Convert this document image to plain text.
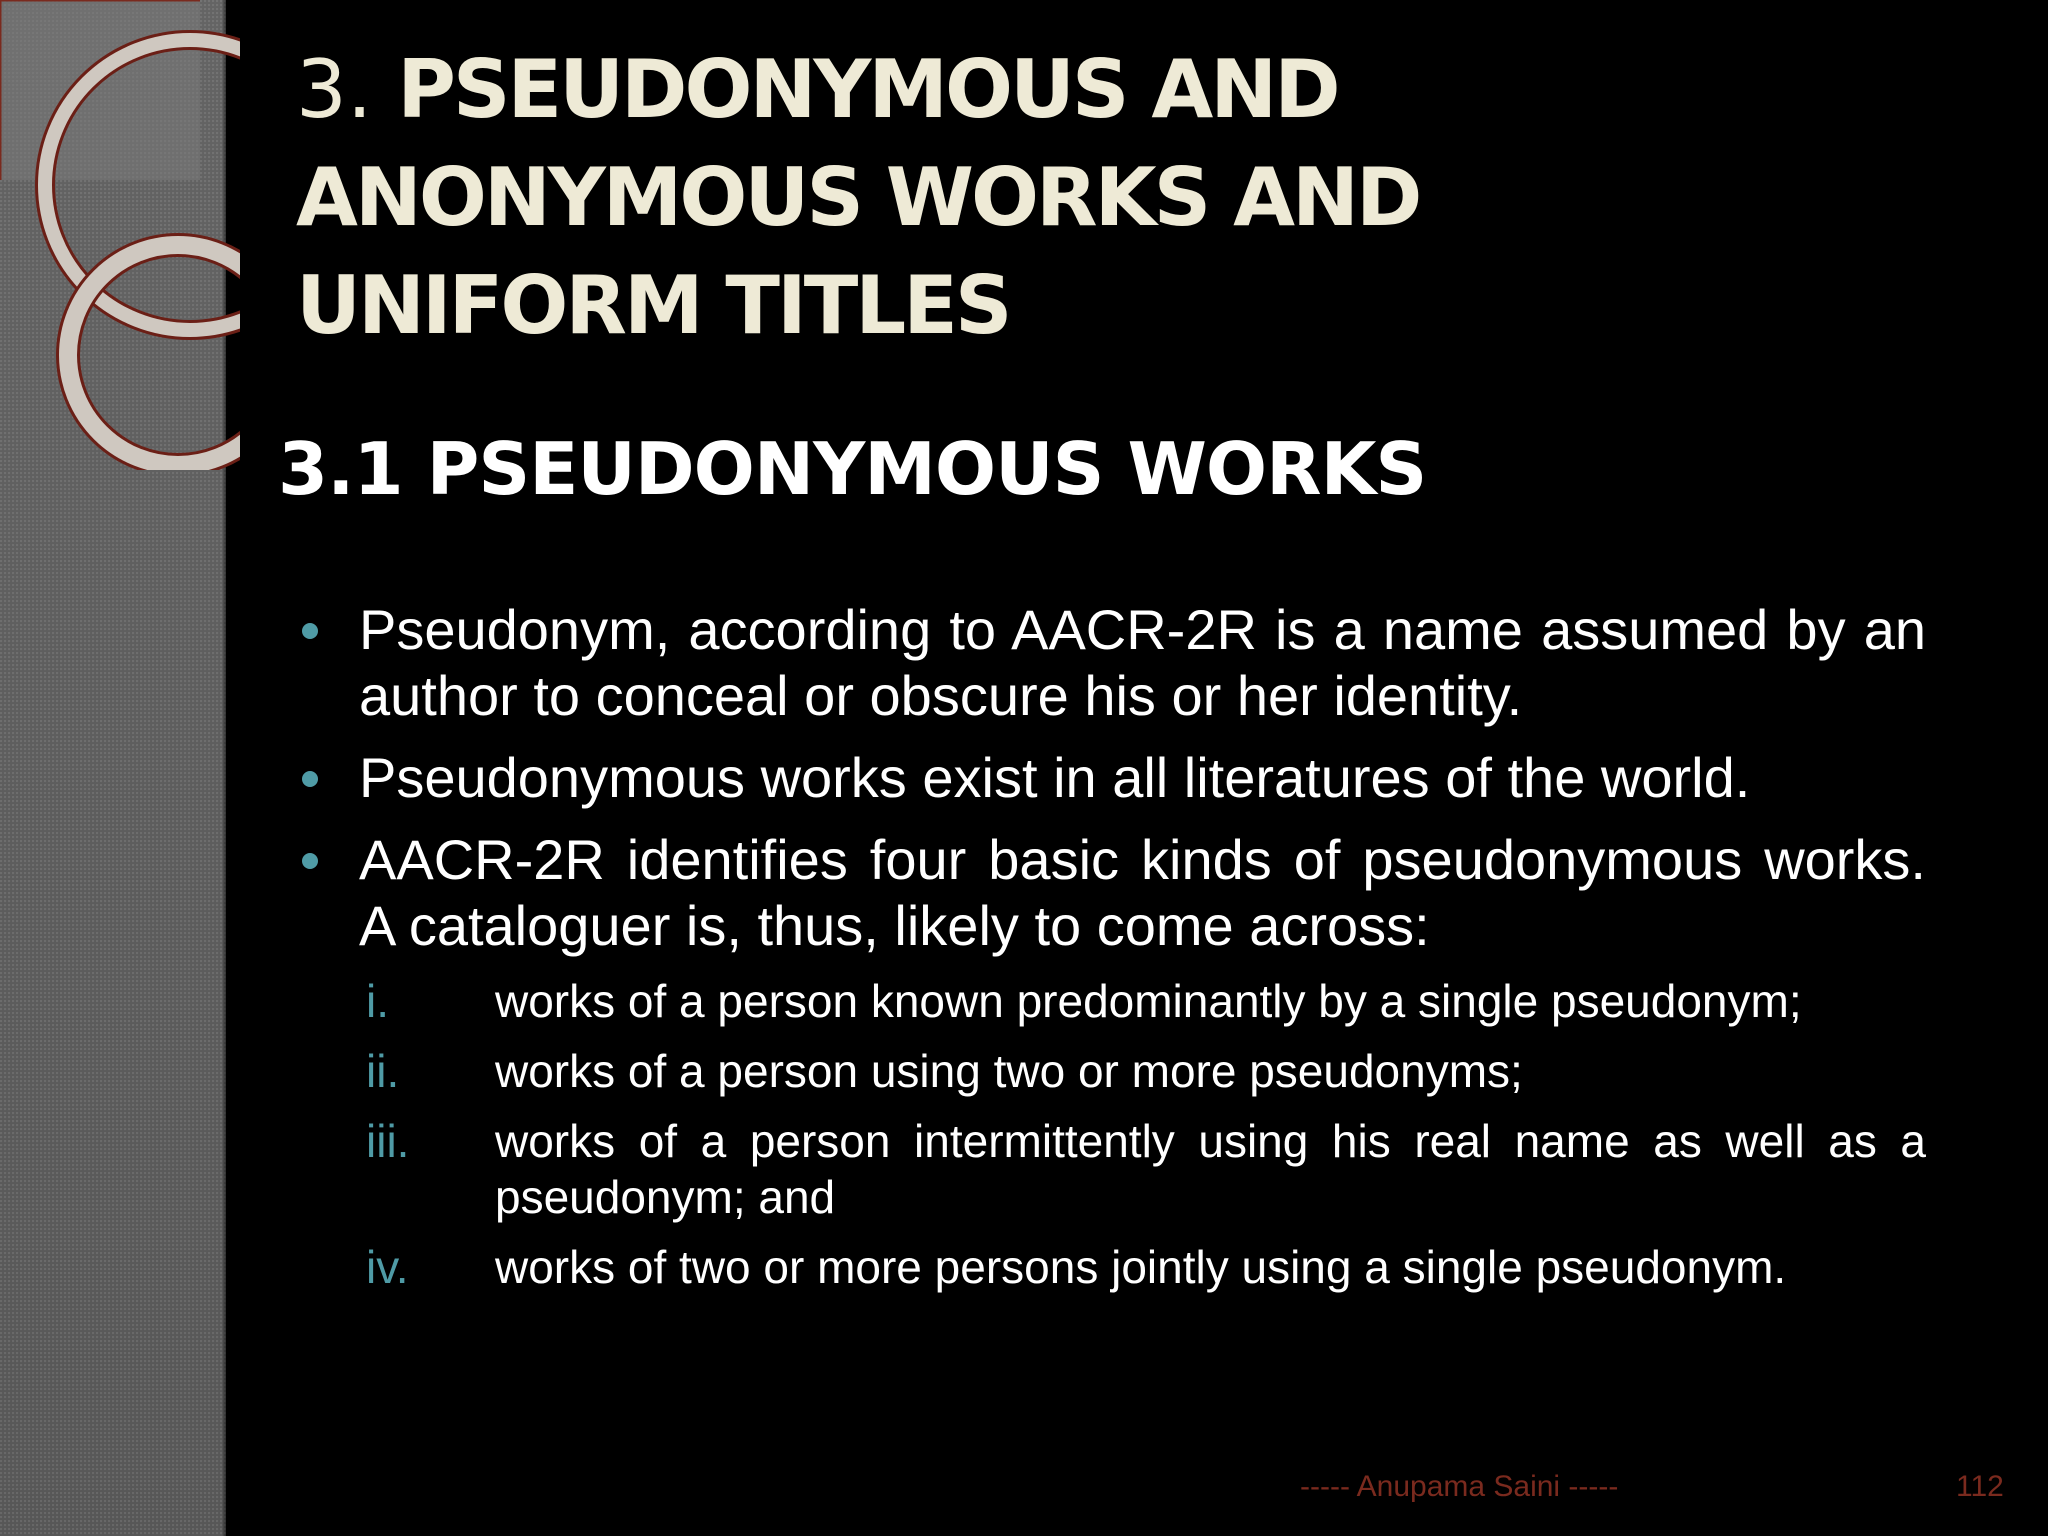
3. PSEUDONYMOUS AND
ANONYMOUS WORKS AND
UNIFORM TITLES
3.1 PSEUDONYMOUS WORKS
Pseudonym, according to AACR-2R is a name assumed by an author to conceal or obscure his or her identity.
Pseudonymous works exist in all literatures of the world.
AACR-2R identifies four basic kinds of pseudonymous works. A cataloguer is, thus, likely to come across:
i. works of a person known predominantly by a single pseudonym;
ii. works of a person using two or more pseudonyms;
iii. works of a person intermittently using his real name as well as a pseudonym; and
iv. works of two or more persons jointly using a single pseudonym.
----- Anupama Saini -----	112
